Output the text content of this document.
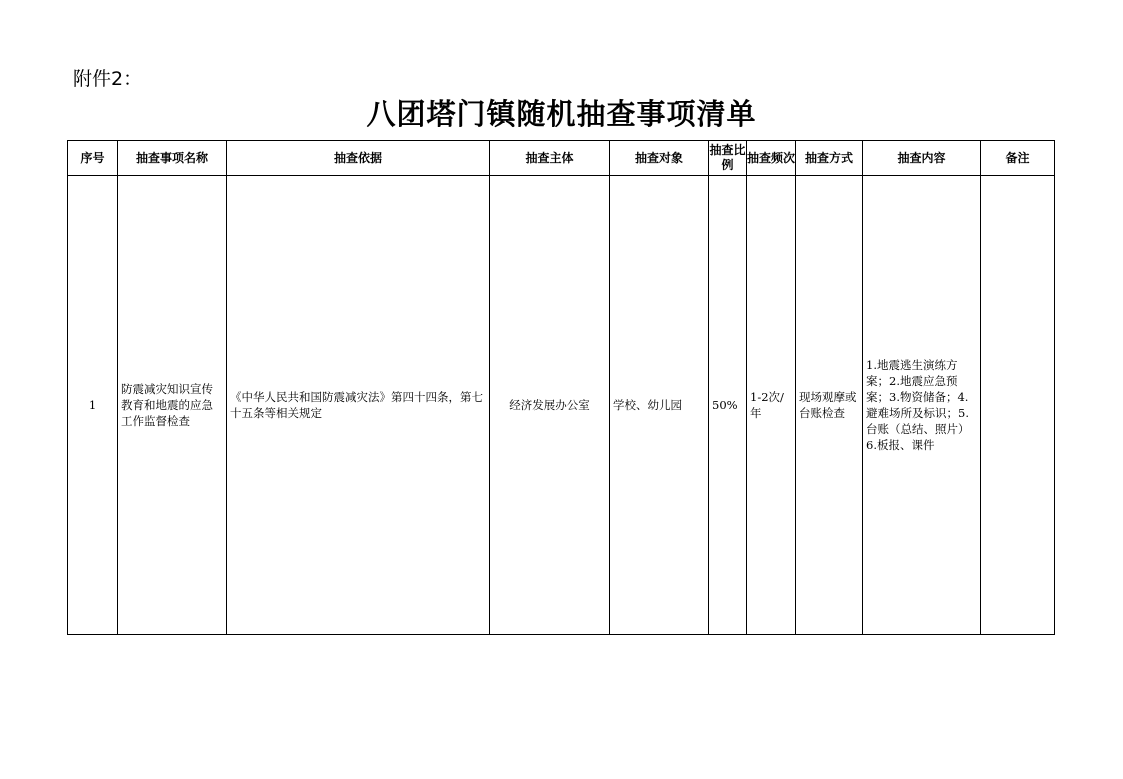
附件2：
八团塔门镇随机抽查事项清单
序号	抽查事项名称	抽查依据	抽查主体	抽查对象	抽查比例	抽查频次	抽查方式	抽查内容	备注

1	防震减灾知识宣传教育和地震的应急工作监督检查	《中华人民共和国防震减灾法》第四十四条，第七十五条等相关规定	经济发展办公室	学校、幼儿园	50%	1-2次/年	现场观摩或台账检查	1.地震逃生演练方案；2.地震应急预案；3.物资储备；4.避难场所及标识；5.台账（总结、照片）6.板报、课件	
